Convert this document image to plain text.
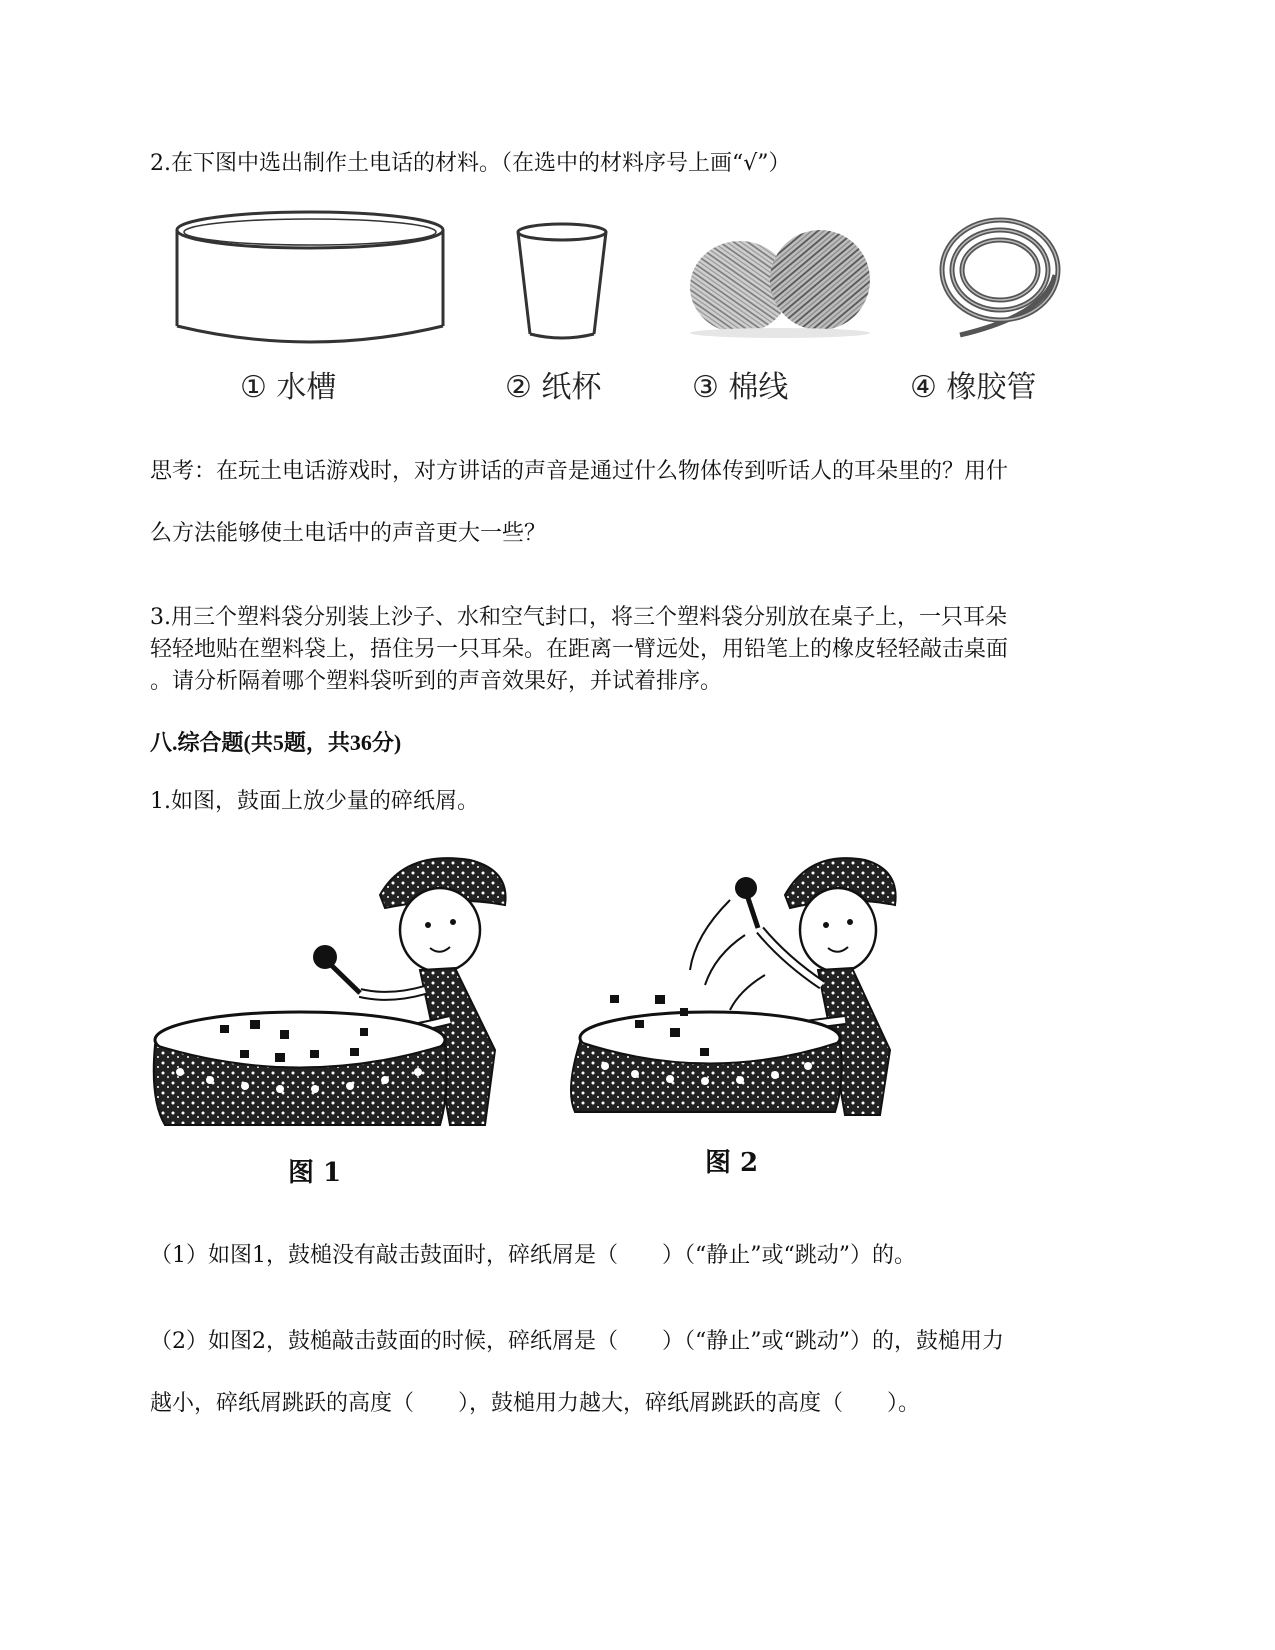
2.在下图中选出制作土电话的材料。（在选中的材料序号上画“√”）
① 水槽	② 纸杯	③ 棉线	④ 橡胶管
思考：在玩土电话游戏时，对方讲话的声音是通过什么物体传到听话人的耳朵里的？用什
么方法能够使土电话中的声音更大一些？
3.用三个塑料袋分别装上沙子、水和空气封口，将三个塑料袋分别放在桌子上，一只耳朵
轻轻地贴在塑料袋上，捂住另一只耳朵。在距离一臂远处，用铅笔上的橡皮轻轻敲击桌面
。请分析隔着哪个塑料袋听到的声音效果好，并试着排序。
八.综合题(共5题，共36分)
1.如图，鼓面上放少量的碎纸屑。
图 1	图 2
（1）如图1，鼓槌没有敲击鼓面时，碎纸屑是（　　）（“静止”或“跳动”）的。
（2）如图2，鼓槌敲击鼓面的时候，碎纸屑是（　　）（“静止”或“跳动”）的，鼓槌用力
越小，碎纸屑跳跃的高度（　　），鼓槌用力越大，碎纸屑跳跃的高度（　　）。
